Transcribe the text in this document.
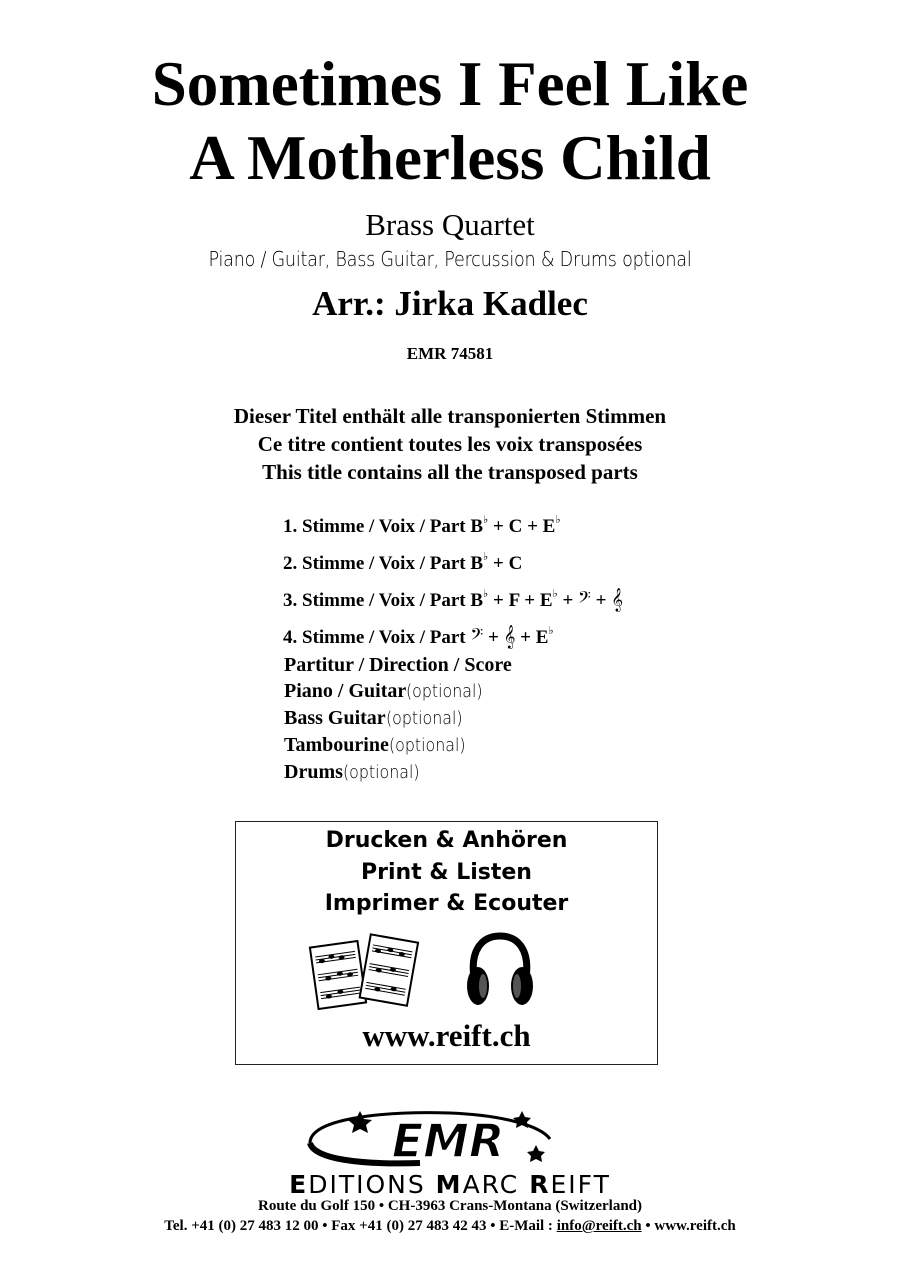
Sometimes I Feel Like
A Motherless Child
Brass Quartet
Piano / Guitar, Bass Guitar, Percussion & Drums optional
Arr.: Jirka Kadlec
EMR 74581
Dieser Titel enthält alle transponierten Stimmen
Ce titre contient toutes les voix transposées
This title contains all the transposed parts
1. Stimme / Voix / Part B♭ + C + E♭
2. Stimme / Voix / Part B♭ + C
3. Stimme / Voix / Part B♭ + F + E♭ + 𝄢 + 𝄞
4. Stimme / Voix / Part 𝄢 + 𝄞 + E♭
Partitur / Direction / Score
Piano / Guitar(optional)
Bass Guitar(optional)
Tambourine(optional)
Drums(optional)
Drucken & Anhören
Print & Listen
Imprimer & Ecouter
www.reift.ch
EMR
EDITIONS MARC REIFT
Route du Golf 150 • CH-3963 Crans-Montana (Switzerland)
Tel. +41 (0) 27 483 12 00 • Fax +41 (0) 27 483 42 43 • E-Mail : info@reift.ch • www.reift.ch
